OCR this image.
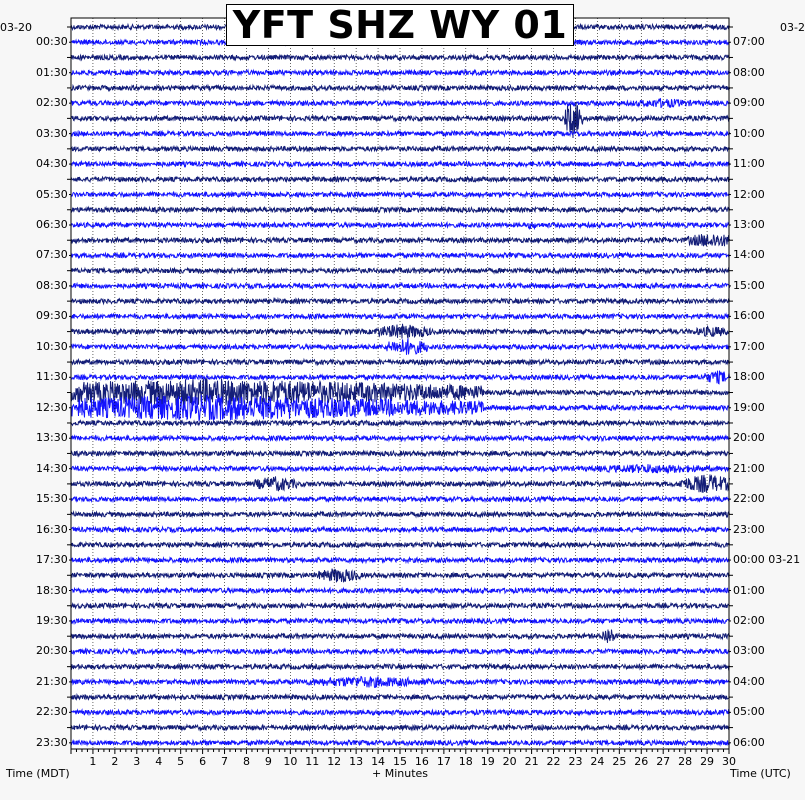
YFT SHZ WY 01
03-20	03-2
00:30
01:30
02:30
03:30
04:30
05:30
06:30
07:30
08:30
09:30
10:30
11:30
12:30
13:30
14:30
15:30
16:30
17:30
18:30
19:30
20:30
21:30
22:30
23:30
07:00
08:00
09:00
10:00
11:00
12:00
13:00
14:00
15:00
16:00
17:00
18:00
19:00
20:00
21:00
22:00
23:00
00:00 03-21
01:00
02:00
03:00
04:00
05:00
06:00
1 2 3 4 5 6 7 8 9 10 11 12 13 14 15 16 17 18 19 20 21 22 23 24 25 26 27 28 29 30
Time (MDT)	+ Minutes	Time (UTC)
